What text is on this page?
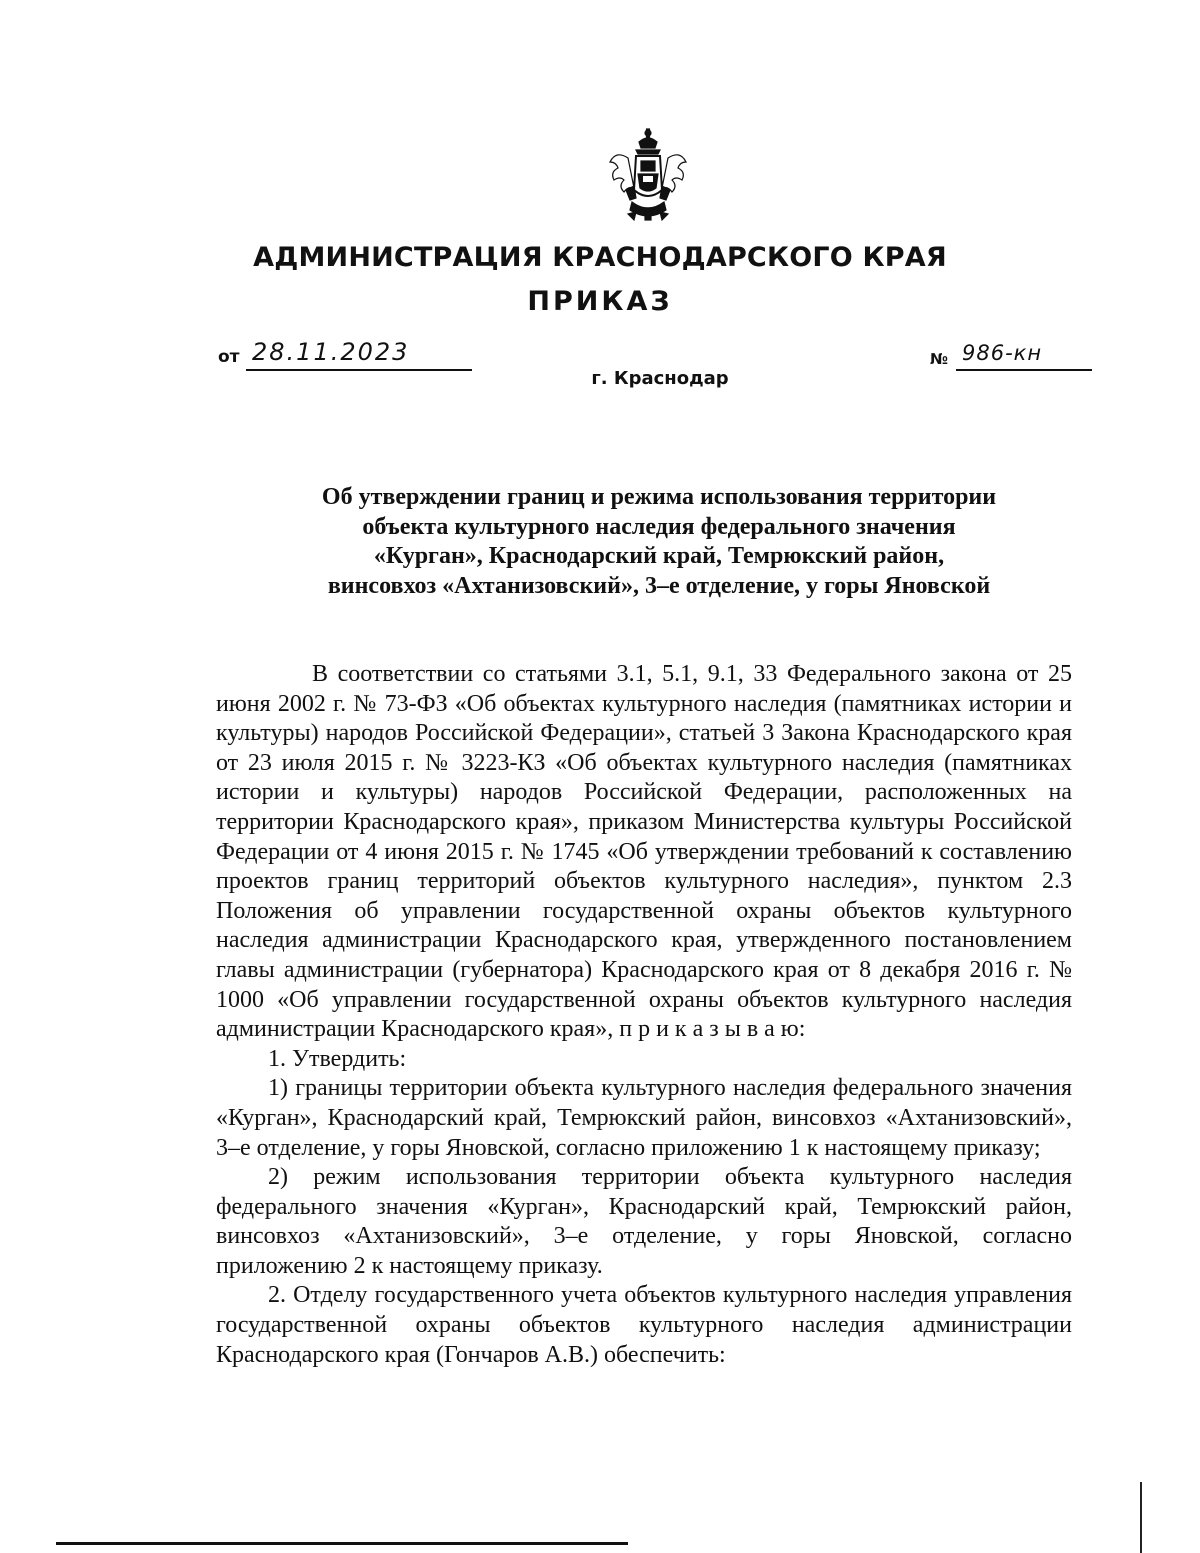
АДМИНИСТРАЦИЯ КРАСНОДАРСКОГО КРАЯ
ПРИКАЗ
от 28.11.2023	№ 986-кн
г. Краснодар
Об утверждении границ и режима использования территории
объекта культурного наследия федерального значения
«Курган», Краснодарский край, Темрюкский район,
винсовхоз «Ахтанизовский», 3–е отделение, у горы Яновской

В соответствии со статьями 3.1, 5.1, 9.1, 33 Федерального закона от 25 июня 2002 г. № 73-ФЗ «Об объектах культурного наследия (памятниках истории и культуры) народов Российской Федерации», статьей 3 Закона Краснодарского края от 23 июля 2015 г. № 3223-КЗ «Об объектах культурного наследия (памятниках истории и культуры) народов Российской Федерации, расположенных на территории Краснодарского края», приказом Министерства культуры Российской Федерации от 4 июня 2015 г. № 1745 «Об утверждении требований к составлению проектов границ территорий объектов культурного наследия», пунктом 2.3 Положения об управлении государственной охраны объектов культурного наследия администрации Краснодарского края, утвержденного постановлением главы администрации (губернатора) Краснодарского края от 8 декабря 2016 г. № 1000 «Об управлении государственной охраны объектов культурного наследия администрации Краснодарского края», п р и к а з ы в а ю:

1. Утвердить:

1) границы территории объекта культурного наследия федерального значения «Курган», Краснодарский край, Темрюкский район, винсовхоз «Ахтанизовский», 3–е отделение, у горы Яновской, согласно приложению 1 к настоящему приказу;

2) режим использования территории объекта культурного наследия федерального значения «Курган», Краснодарский край, Темрюкский район, винсовхоз «Ахтанизовский», 3–е отделение, у горы Яновской, согласно приложению 2 к настоящему приказу.

2. Отделу государственного учета объектов культурного наследия управления государственной охраны объектов культурного наследия администрации Краснодарского края (Гончаров А.В.) обеспечить:
